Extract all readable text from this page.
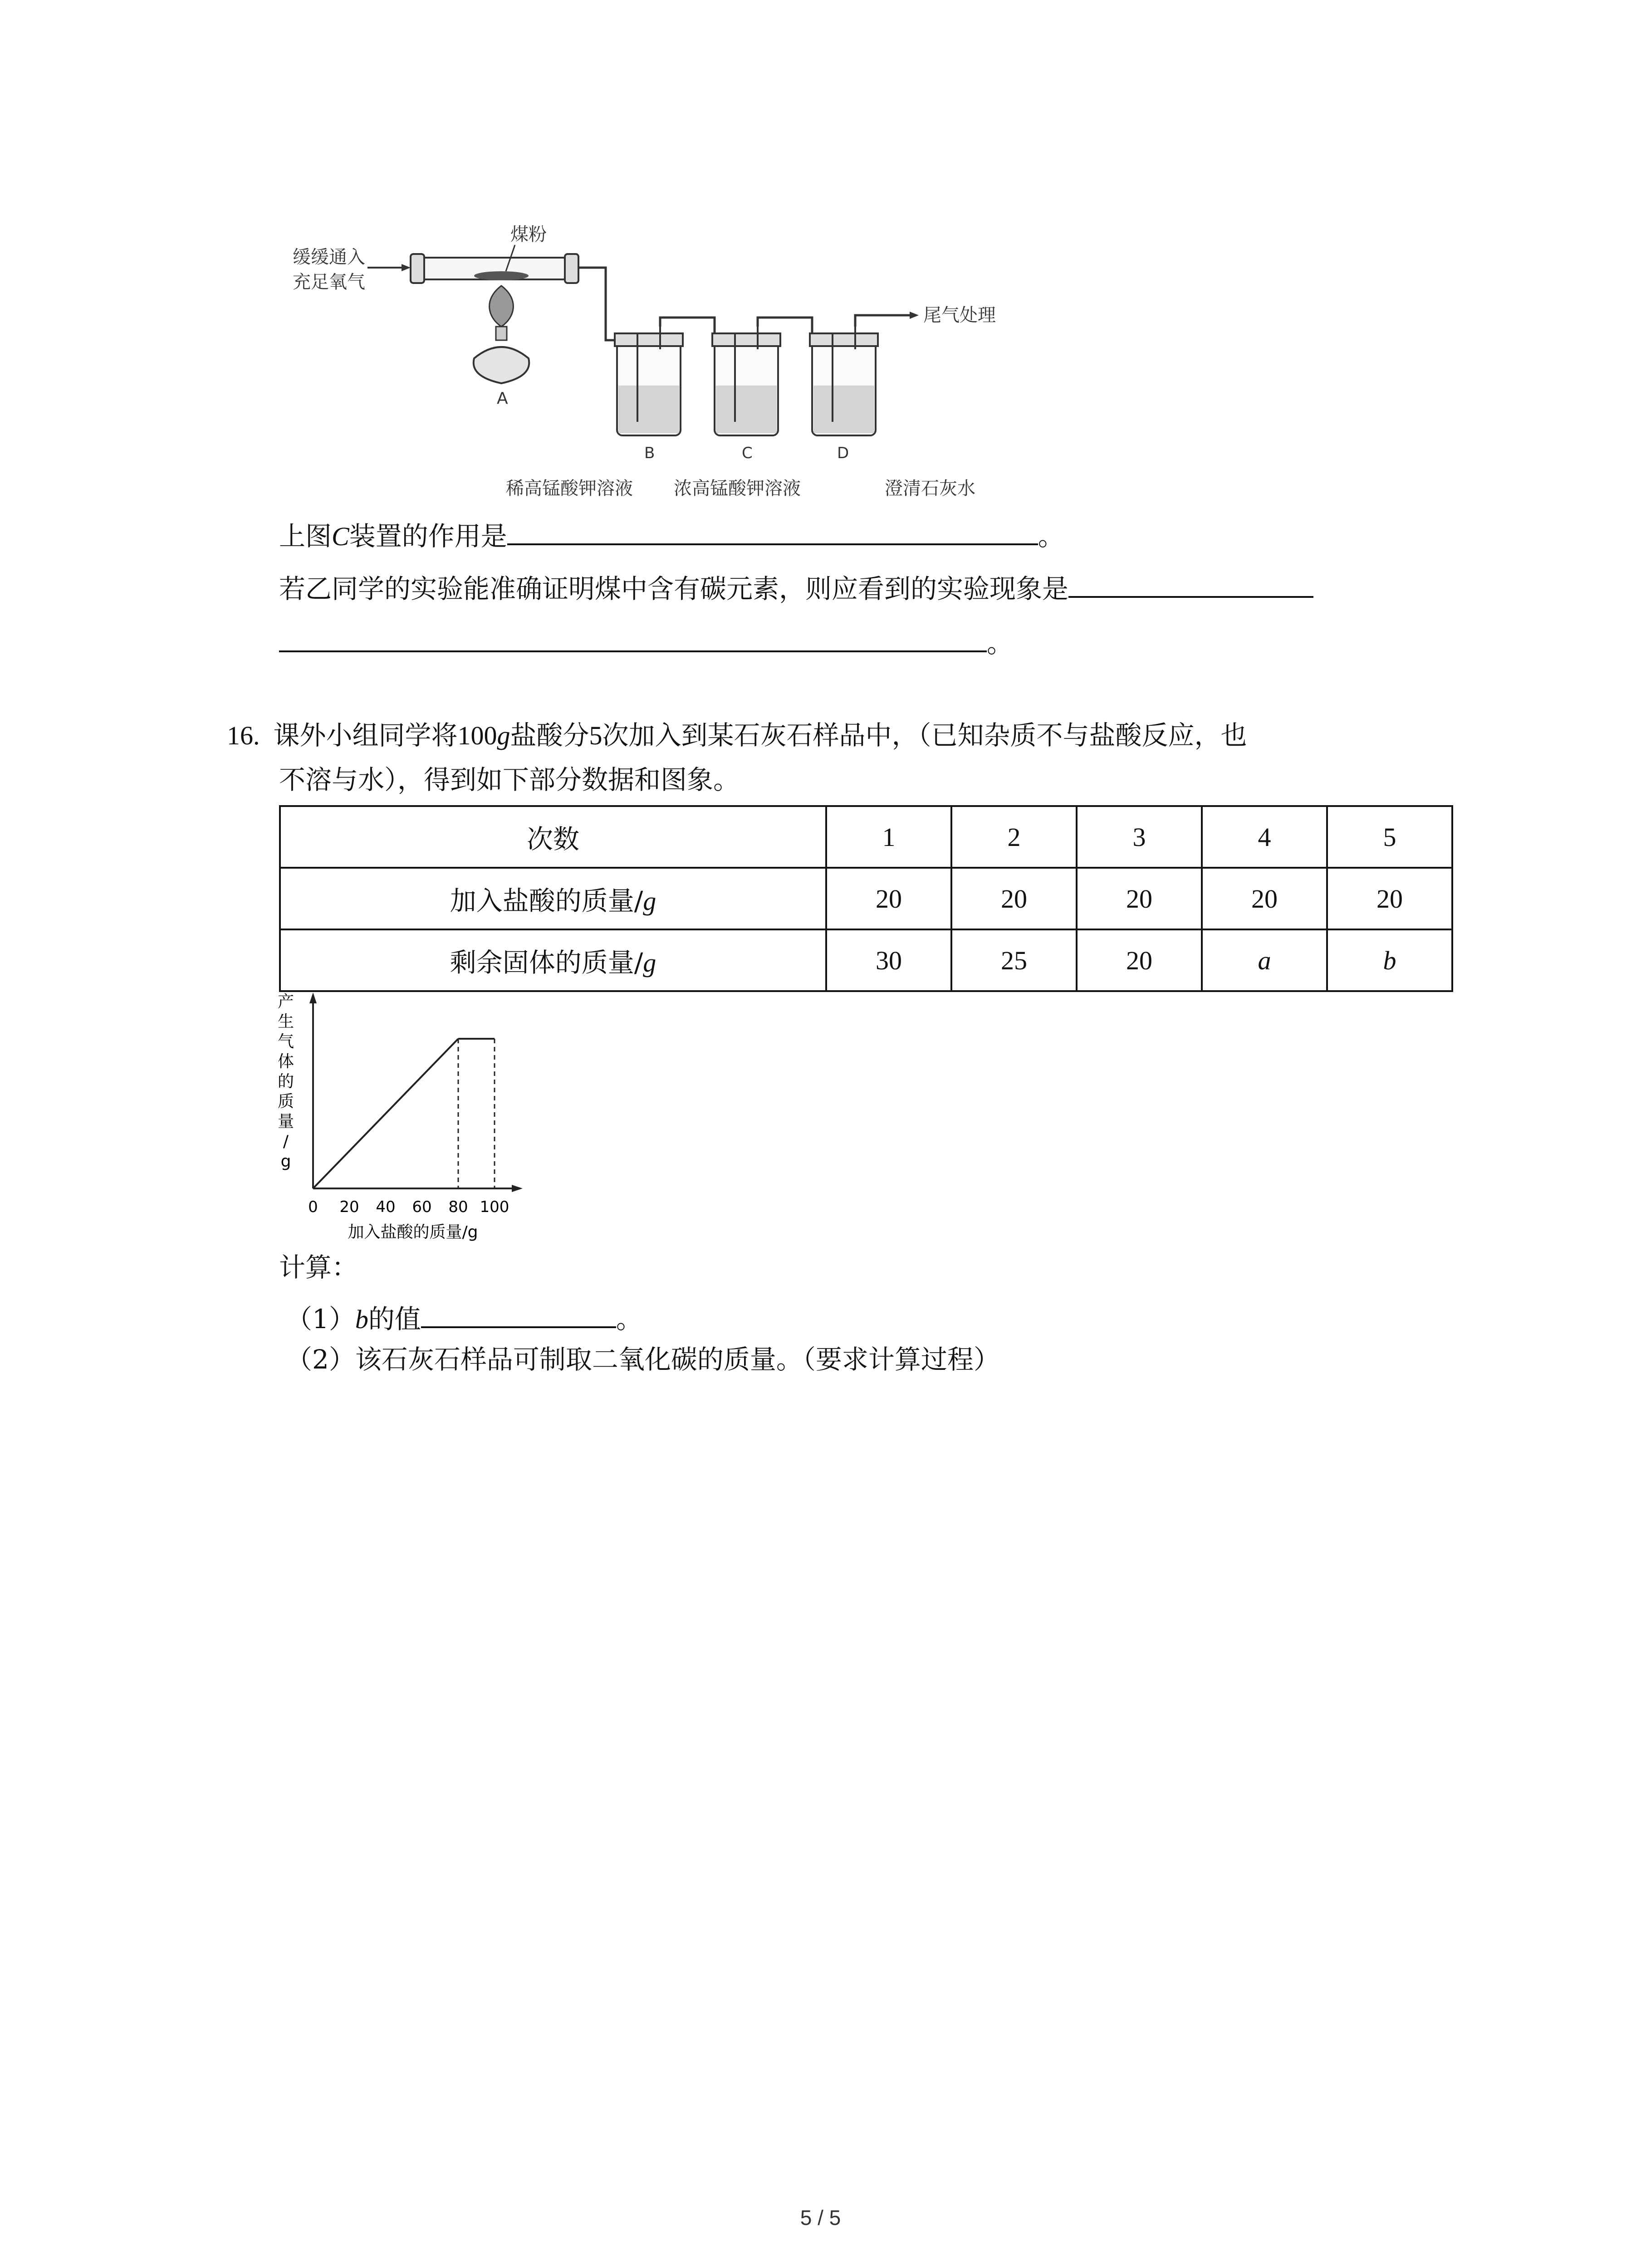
缓缓通入
充足氧气
煤粉
A
B	C	D
尾气处理
稀高锰酸钾溶液 浓高锰酸钾溶液	澄清石灰水
上图C装置的作用是	。
若乙同学的实验能准确证明煤中含有碳元素，则应看到的实验现象是
。
16. 课外小组同学将100g盐酸分5次加入到某石灰石样品中，（已知杂质不与盐酸反应，也
不溶与水），得到如下部分数据和图象。
次数	1	2	3	4	5
加入盐酸的质量/g	20	20	20	20	20
剩余固体的质量/g	30	25	20	a	b
产
生
气
体
的
质
量
/
g
0 20 40 60 80 100
加入盐酸的质量/g
计算：
（1）b的值	。
（2）该石灰石样品可制取二氧化碳的质量。（要求计算过程）
5 / 5
